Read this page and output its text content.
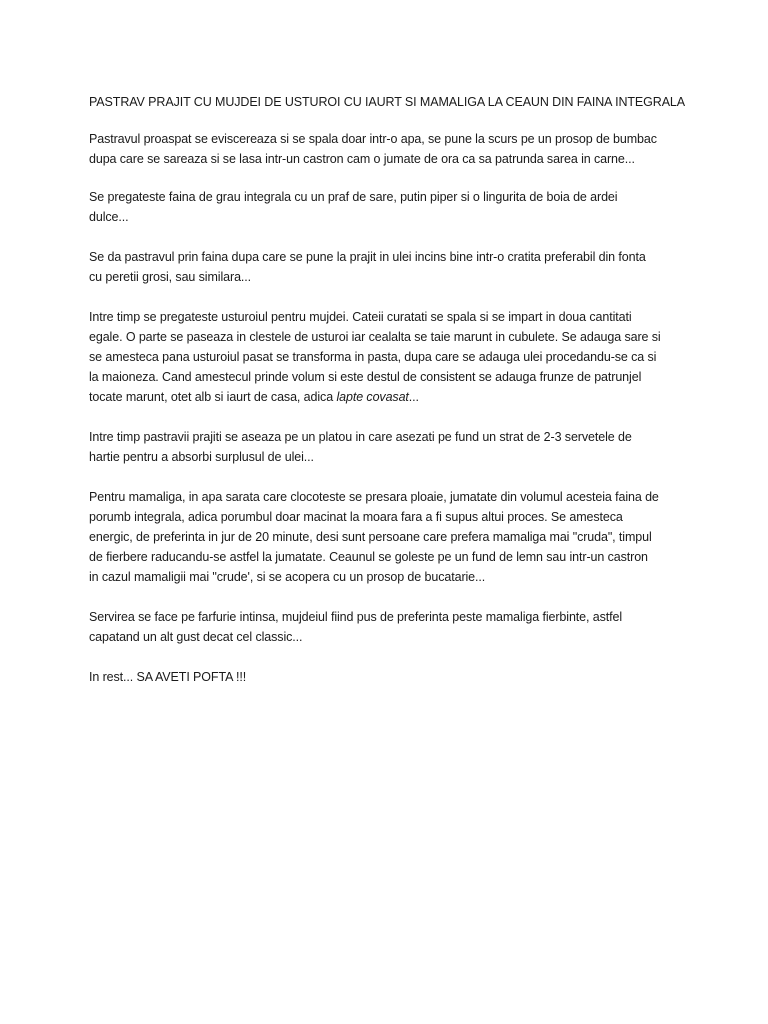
PASTRAV PRAJIT CU MUJDEI DE USTUROI CU IAURT SI MAMALIGA LA CEAUN DIN FAINA INTEGRALA
Pastravul proaspat se eviscereaza si se spala doar intr-o apa, se pune la scurs pe un prosop de bumbac
dupa care se sareaza si se lasa intr-un castron cam o jumate de ora ca sa patrunda sarea in carne...
Se pregateste faina de grau integrala cu un praf de sare, putin piper si o lingurita de boia de ardei
dulce...
Se da pastravul prin faina dupa care se pune la prajit in ulei incins bine intr-o cratita preferabil din fonta
cu peretii grosi, sau similara...
Intre timp se pregateste usturoiul pentru mujdei. Cateii curatati se spala si se impart in doua cantitati
egale. O parte se paseaza in clestele de usturoi iar cealalta se taie marunt in cubulete. Se adauga sare si
se amesteca pana usturoiul pasat se transforma in pasta, dupa care se adauga ulei procedandu-se ca si
la maioneza. Cand amestecul prinde volum si este destul de consistent se adauga frunze de patrunjel
tocate marunt, otet alb si iaurt de casa, adica lapte covasat...
Intre timp pastravii prajiti se aseaza pe un platou in care asezati pe fund un strat de 2-3 servetele de
hartie pentru a absorbi surplusul de ulei...
Pentru mamaliga, in apa sarata care clocoteste se presara ploaie, jumatate din volumul acesteia faina de
porumb integrala, adica porumbul doar macinat la moara fara a fi supus altui proces. Se amesteca
energic, de preferinta in jur de 20 minute, desi sunt persoane care prefera mamaliga mai "cruda", timpul
de fierbere raducandu-se astfel la jumatate. Ceaunul se goleste pe un fund de lemn sau intr-un castron
in cazul mamaligii mai "crude', si se acopera cu un prosop de bucatarie...
Servirea se face pe farfurie intinsa, mujdeiul fiind pus de preferinta peste mamaliga fierbinte, astfel
capatand un alt gust decat cel classic...
In rest... SA AVETI POFTA !!!
